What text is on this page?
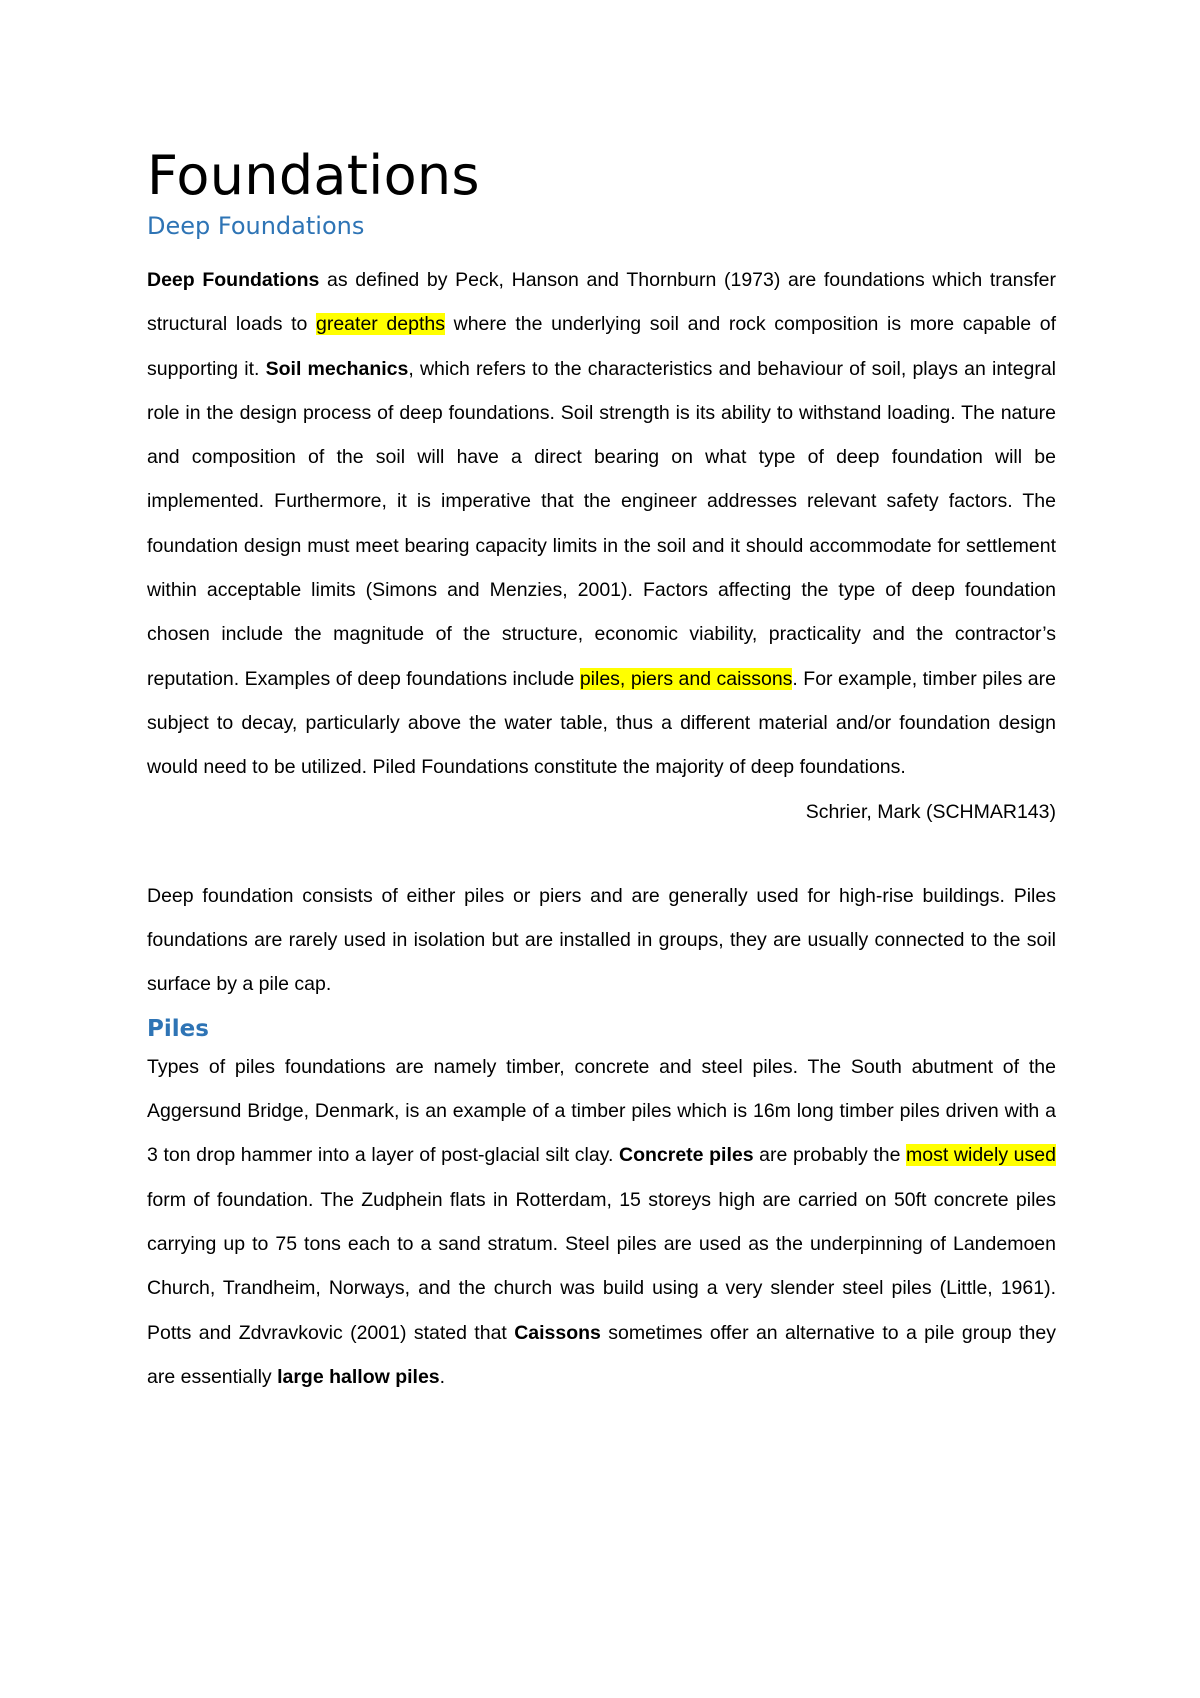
Foundations
Deep Foundations

Deep Foundations as defined by Peck, Hanson and Thornburn (1973) are foundations which transfer structural loads to greater depths where the underlying soil and rock composition is more capable of supporting it. Soil mechanics, which refers to the characteristics and behaviour of soil, plays an integral role in the design process of deep foundations. Soil strength is its ability to withstand loading. The nature and composition of the soil will have a direct bearing on what type of deep foundation will be implemented. Furthermore, it is imperative that the engineer addresses relevant safety factors. The foundation design must meet bearing capacity limits in the soil and it should accommodate for settlement within acceptable limits (Simons and Menzies, 2001). Factors affecting the type of deep foundation chosen include the magnitude of the structure, economic viability, practicality and the contractor’s reputation. Examples of deep foundations include piles, piers and caissons. For example, timber piles are subject to decay, particularly above the water table, thus a different material and/or foundation design would need to be utilized. Piled Foundations constitute the majority of deep foundations.

Schrier, Mark (SCHMAR143)

Deep foundation consists of either piles or piers and are generally used for high-rise buildings. Piles foundations are rarely used in isolation but are installed in groups, they are usually connected to the soil surface by a pile cap.

Piles

Types of piles foundations are namely timber, concrete and steel piles. The South abutment of the Aggersund Bridge, Denmark, is an example of a timber piles which is 16m long timber piles driven with a 3 ton drop hammer into a layer of post-glacial silt clay. Concrete piles are probably the most widely used form of foundation. The Zudphein flats in Rotterdam, 15 storeys high are carried on 50ft concrete piles carrying up to 75 tons each to a sand stratum. Steel piles are used as the underpinning of Landemoen Church, Trandheim, Norways, and the church was build using a very slender steel piles (Little, 1961). Potts and Zdvravkovic (2001) stated that Caissons sometimes offer an alternative to a pile group they are essentially large hallow piles.
